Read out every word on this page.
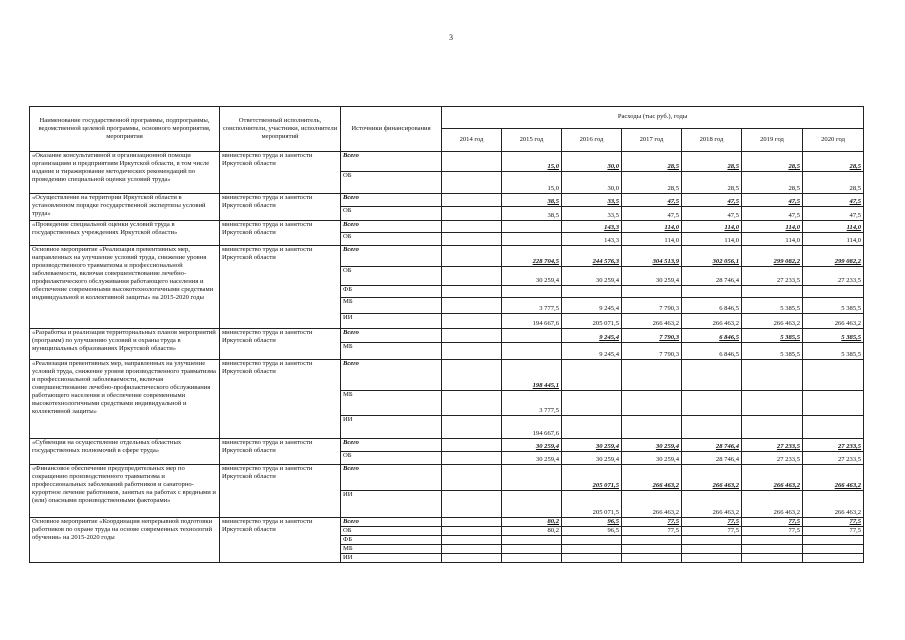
3
Наименование государственной программы, подпрограммы, ведомственной целевой программы, основного мероприятия, мероприятия	Ответственный исполнитель, соисполнители, участники, исполнители мероприятий	Источники финансирования	Расходы (тыс руб.), годы						
			2014 год	2015 год	2016 год	2017 год	2018 год	2019 год	2020 год
«Оказание консультативной и организационной помощи организациям и предприятиям Иркутской области, в том числе издание и тиражирование методических рекомендаций по проведению специальной оценки условий труда»	министерство труда и занятости Иркутской области	Всего		15,0	30,0	28,5	28,5	28,5	28,5
		ОБ		15,0	30,0	28,5	28,5	28,5	28,5
«Осуществление на территории Иркутской области в установленном порядке государственной экспертизы условий труда»	министерство труда и занятости Иркутской области	Всего		38,5	33,5	47,5	47,5	47,5	47,5
		ОБ		38,5	33,5	47,5	47,5	47,5	47,5
«Проведение специальной оценки условий труда в государственных учреждениях Иркутской области»	министерство труда и занятости Иркутской области	Всего			143,3	114,0	114,0	114,0	114,0
		ОБ			143,3	114,0	114,0	114,0	114,0
Основное мероприятие «Реализация превентивных мер, направленных на улучшение условий труда, снижение уровня производственного травматизма и профессиональной заболеваемости, включая совершенствование лечебно-профилактического обслуживания работающего населения и обеспечение современными высокотехнологичными средствами индивидуальной и коллективной защиты» на 2015-2020 годы	министерство труда и занятости Иркутской области	Всего		228 704,5	244 576,3	304 513,9	302 056,1	299 082,2	299 082,2
		ОБ		30 259,4	30 259,4	30 259,4	28 746,4	27 233,5	27 233,5
		ФБ							
		МБ		3 777,5	9 245,4	7 790,3	6 846,5	5 385,5	5 385,5
		ИИ		194 667,6	205 071,5	266 463,2	266 463,2	266 463,2	266 463,2
«Разработка и реализация территориальных планов мероприятий (программ) по улучшению условий и охраны труда в муниципальных образованиях Иркутской области»	министерство труда и занятости Иркутской области	Всего			9 245,4	7 790,3	6 846,5	5 385,5	5 385,5
		МБ			9 245,4	7 790,3	6 846,5	5 385,5	5 385,5
«Реализация превентивных мер, направленных на улучшение условий труда, снижение уровня производственного травматизма и профессиональной заболеваемости, включая совершенствование лечебно-профилактического обслуживания работающего населения и обеспечение современными высокотехнологичными средствами индивидуальной и коллективной защиты»	министерство труда и занятости Иркутской области	Всего		198 445,1					
		МБ		3 777,5					
		ИИ		194 667,6					
«Субвенция на осуществление отдельных областных государственных полномочий в сфере труда»	министерство труда и занятости Иркутской области	Всего		30 259,4	30 259,4	30 259,4	28 746,4	27 233,5	27 233,5
		ОБ		30 259,4	30 259,4	30 259,4	28 746,4	27 233,5	27 233,5
«Финансовое обеспечение предупредительных мер по сокращению производственного травматизма и профессиональных заболеваний работников и санаторно-курортное лечение работников, занятых на работах с вредными и (или) опасными производственными факторами»	министерство труда и занятости Иркутской области	Всего			205 071,5	266 463,2	266 463,2	266 463,2	266 463,2
		ИИ			205 071,5	266 463,2	266 463,2	266 463,2	266 463,2
Основное мероприятие «Координация непрерывной подготовки работников по охране труда на основе современных технологий обучения» на 2015-2020 годы	министерство труда и занятости Иркутской области	Всего		80,2	96,5	77,5	77,5	77,5	77,5
		ОБ		80,2	96,5	77,5	77,5	77,5	77,5
		ФБ							
		МБ							
		ИИ							
